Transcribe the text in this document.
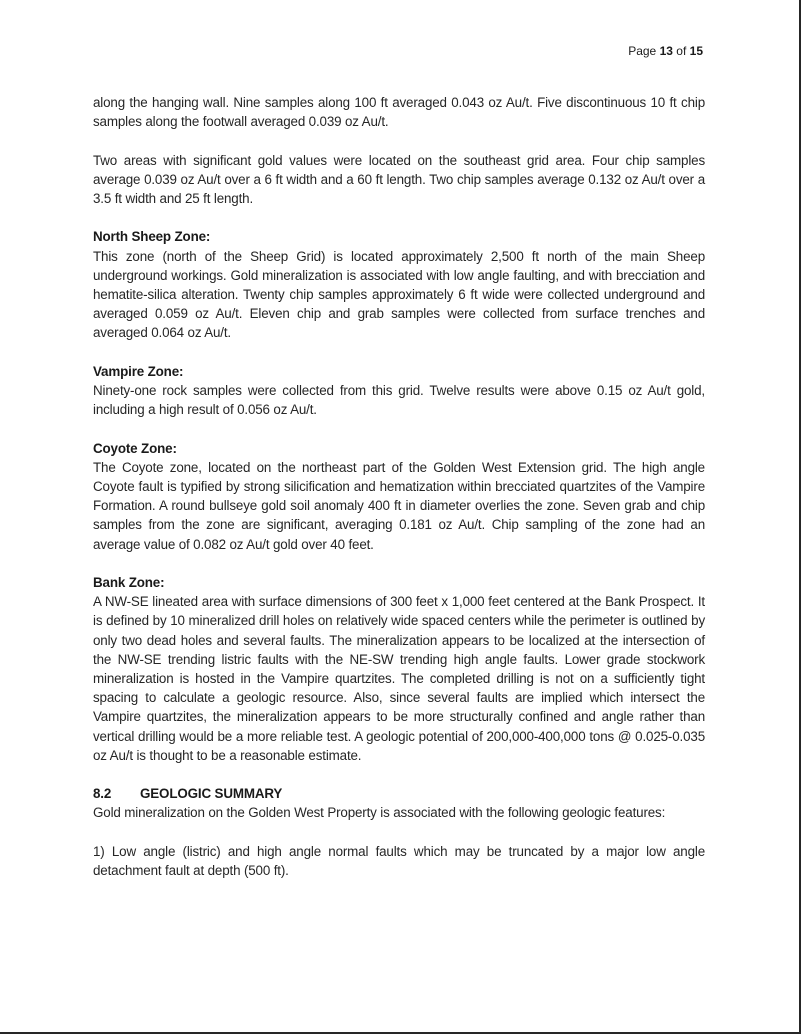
Page 13 of 15

along the hanging wall. Nine samples along 100 ft averaged 0.043 oz Au/t. Five discontinuous 10 ft chip samples along the footwall averaged 0.039 oz Au/t.

Two areas with significant gold values were located on the southeast grid area. Four chip samples average 0.039 oz Au/t over a 6 ft width and a 60 ft length. Two chip samples average 0.132 oz Au/t over a 3.5 ft width and 25 ft length.

North Sheep Zone:

This zone (north of the Sheep Grid) is located approximately 2,500 ft north of the main Sheep underground workings. Gold mineralization is associated with low angle faulting, and with brecciation and hematite-silica alteration. Twenty chip samples approximately 6 ft wide were collected underground and averaged 0.059 oz Au/t. Eleven chip and grab samples were collected from surface trenches and averaged 0.064 oz Au/t.

Vampire Zone:

Ninety-one rock samples were collected from this grid. Twelve results were above 0.15 oz Au/t gold, including a high result of 0.056 oz Au/t.

Coyote Zone:

The Coyote zone, located on the northeast part of the Golden West Extension grid. The high angle Coyote fault is typified by strong silicification and hematization within brecciated quartzites of the Vampire Formation. A round bullseye gold soil anomaly 400 ft in diameter overlies the zone. Seven grab and chip samples from the zone are significant, averaging 0.181 oz Au/t. Chip sampling of the zone had an average value of 0.082 oz Au/t gold over 40 feet.

Bank Zone:

A NW-SE lineated area with surface dimensions of 300 feet x 1,000 feet centered at the Bank Prospect. It is defined by 10 mineralized drill holes on relatively wide spaced centers while the perimeter is outlined by only two dead holes and several faults. The mineralization appears to be localized at the intersection of the NW-SE trending listric faults with the NE-SW trending high angle faults. Lower grade stockwork mineralization is hosted in the Vampire quartzites. The completed drilling is not on a sufficiently tight spacing to calculate a geologic resource. Also, since several faults are implied which intersect the Vampire quartzites, the mineralization appears to be more structurally confined and angle rather than vertical drilling would be a more reliable test. A geologic potential of 200,000-400,000 tons @ 0.025-0.035 oz Au/t is thought to be a reasonable estimate.

8.2	GEOLOGIC SUMMARY

Gold mineralization on the Golden West Property is associated with the following geologic features:

1) Low angle (listric) and high angle normal faults which may be truncated by a major low angle detachment fault at depth (500 ft).
